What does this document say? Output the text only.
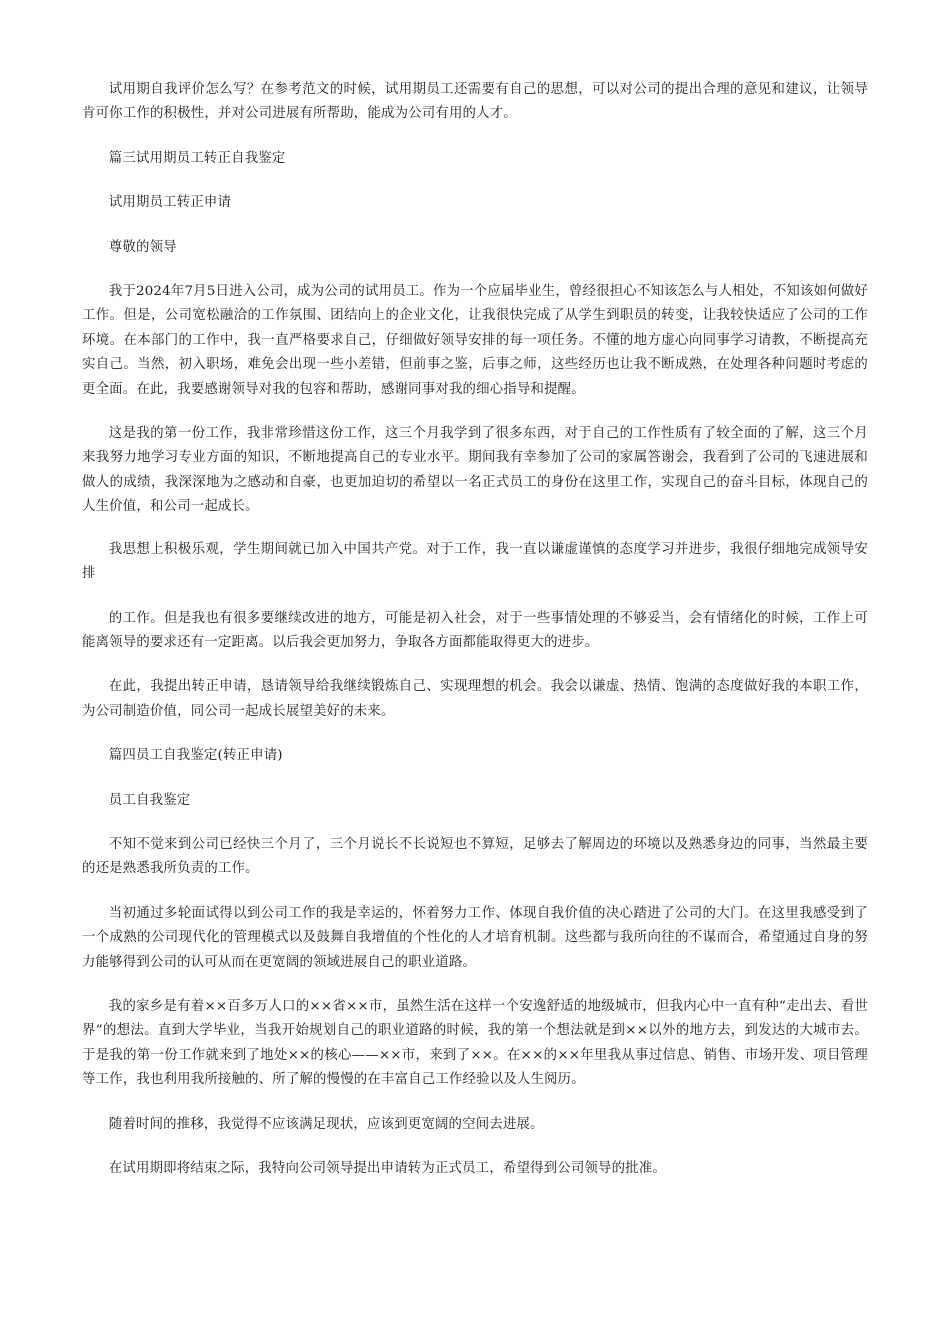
试用期自我评价怎么写？在参考范文的时候，试用期员工还需要有自己的思想，可以对公司的提出合理的意见和建议，让领导肯可你工作的积极性，并对公司进展有所帮助，能成为公司有用的人才。

篇三试用期员工转正自我鉴定

试用期员工转正申请

尊敬的领导

我于2024年7月5日进入公司，成为公司的试用员工。作为一个应届毕业生，曾经很担心不知该怎么与人相处，不知该如何做好工作。但是，公司宽松融洽的工作氛围、团结向上的企业文化，让我很快完成了从学生到职员的转变，让我较快适应了公司的工作环境。在本部门的工作中，我一直严格要求自己，仔细做好领导安排的每一项任务。不懂的地方虚心向同事学习请教，不断提高充实自己。当然，初入职场，难免会出现一些小差错，但前事之鉴，后事之师，这些经历也让我不断成熟，在处理各种问题时考虑的更全面。在此，我要感谢领导对我的包容和帮助，感谢同事对我的细心指导和提醒。

这是我的第一份工作，我非常珍惜这份工作，这三个月我学到了很多东西，对于自己的工作性质有了较全面的了解，这三个月来我努力地学习专业方面的知识，不断地提高自己的专业水平。期间我有幸参加了公司的家属答谢会，我看到了公司的飞速进展和做人的成绩，我深深地为之感动和自豪，也更加迫切的希望以一名正式员工的身份在这里工作，实现自己的奋斗目标，体现自己的人生价值，和公司一起成长。

我思想上积极乐观，学生期间就已加入中国共产党。对于工作，我一直以谦虚谨慎的态度学习并进步，我很仔细地完成领导安排

的工作。但是我也有很多要继续改进的地方，可能是初入社会，对于一些事情处理的不够妥当，会有情绪化的时候，工作上可能离领导的要求还有一定距离。以后我会更加努力，争取各方面都能取得更大的进步。

在此，我提出转正申请，恳请领导给我继续锻炼自己、实现理想的机会。我会以谦虚、热情、饱满的态度做好我的本职工作，为公司制造价值，同公司一起成长展望美好的未来。

篇四员工自我鉴定(转正申请)

员工自我鉴定

不知不觉来到公司已经快三个月了，三个月说长不长说短也不算短，足够去了解周边的环境以及熟悉身边的同事，当然最主要的还是熟悉我所负责的工作。

当初通过多轮面试得以到公司工作的我是幸运的，怀着努力工作、体现自我价值的决心踏进了公司的大门。在这里我感受到了一个成熟的公司现代化的管理模式以及鼓舞自我增值的个性化的人才培育机制。这些都与我所向往的不谋而合，希望通过自身的努力能够得到公司的认可从而在更宽阔的领域进展自己的职业道路。

我的家乡是有着××百多万人口的××省××市，虽然生活在这样一个安逸舒适的地级城市，但我内心中一直有种“走出去、看世界”的想法。直到大学毕业，当我开始规划自己的职业道路的时候，我的第一个想法就是到××以外的地方去，到发达的大城市去。于是我的第一份工作就来到了地处××的核心——××市，来到了××。在××的××年里我从事过信息、销售、市场开发、项目管理等工作，我也利用我所接触的、所了解的慢慢的在丰富自己工作经验以及人生阅历。

随着时间的推移，我觉得不应该满足现状，应该到更宽阔的空间去进展。

在试用期即将结束之际，我特向公司领导提出申请转为正式员工，希望得到公司领导的批准。
